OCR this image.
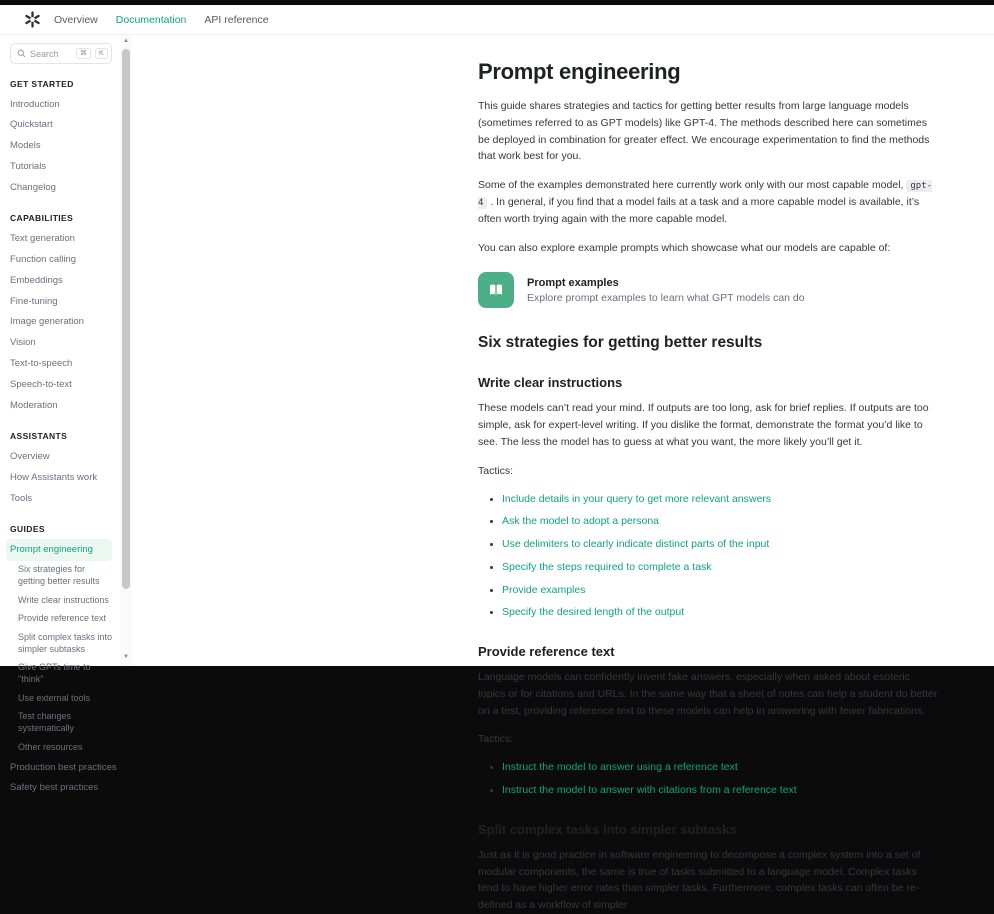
Overview Documentation API reference
Search
⌘	K
GET STARTED
Introduction
Quickstart
Models
Tutorials
Changelog
CAPABILITIES
Text generation
Function calling
Embeddings
Fine-tuning
Image generation
Vision
Text-to-speech
Speech-to-text
Moderation
ASSISTANTS
Overview
How Assistants work
Tools
GUIDES
Prompt engineering
Six strategies for getting better results
Write clear instructions
Provide reference text
Split complex tasks into simpler subtasks
Give GPTs time to "think"
Use external tools
Test changes systematically
Other resources
Production best practices
Safety best practices
▲
▼
Prompt engineering

This guide shares strategies and tactics for getting better results from large language models (sometimes referred to as GPT models) like GPT-4. The methods described here can sometimes be deployed in combination for greater effect. We encourage experimentation to find the methods that work best for you.

Some of the examples demonstrated here currently work only with our most capable model, gpt-4 . In general, if you find that a model fails at a task and a more capable model is available, it’s often worth trying again with the more capable model.

You can also explore example prompts which showcase what our models are capable of:

Prompt examples
Explore prompt examples to learn what GPT models can do
Six strategies for getting better results
Write clear instructions

These models can’t read your mind. If outputs are too long, ask for brief replies. If outputs are too simple, ask for expert-level writing. If you dislike the format, demonstrate the format you’d like to see. The less the model has to guess at what you want, the more likely you’ll get it.

Tactics:

• Include details in your query to get more relevant answers
• Ask the model to adopt a persona
• Use delimiters to clearly indicate distinct parts of the input
• Specify the steps required to complete a task
• Provide examples
• Specify the desired length of the output
Provide reference text

Language models can confidently invent fake answers, especially when asked about esoteric topics or for citations and URLs. In the same way that a sheet of notes can help a student do better on a test, providing reference text to these models can help in answering with fewer fabrications.

Tactics:

• Instruct the model to answer using a reference text
• Instruct the model to answer with citations from a reference text
Split complex tasks into simpler subtasks

Just as it is good practice in software engineering to decompose a complex system into a set of modular components, the same is true of tasks submitted to a language model. Complex tasks tend to have higher error rates than simpler tasks. Furthermore, complex tasks can often be re-defined as a workflow of simpler
